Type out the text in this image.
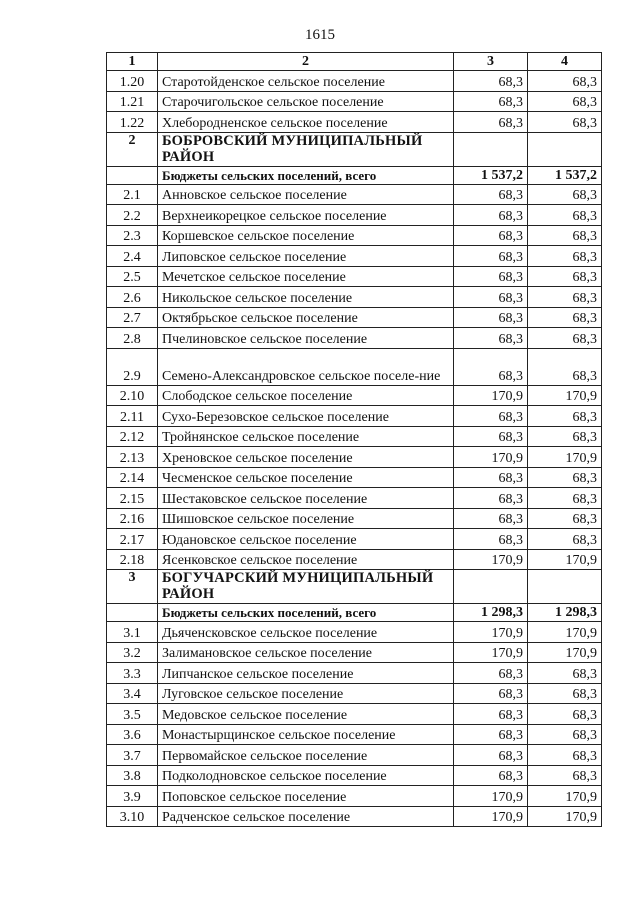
1615
1	2	3	4
1.20	Старотойденское сельское поселение	68,3	68,3
1.21	Старочигольское сельское поселение	68,3	68,3
1.22	Хлебородненское сельское поселение	68,3	68,3
2	БОБРОВСКИЙ МУНИЦИПАЛЬНЫЙ РАЙОН		
	Бюджеты сельских поселений, всего	1 537,2	1 537,2
2.1	Анновское сельское поселение	68,3	68,3
2.2	Верхнеикорецкое сельское поселение	68,3	68,3
2.3	Коршевское сельское поселение	68,3	68,3
2.4	Липовское сельское поселение	68,3	68,3
2.5	Мечетское сельское поселение	68,3	68,3
2.6	Никольское сельское поселение	68,3	68,3
2.7	Октябрьское сельское поселение	68,3	68,3
2.8	Пчелиновское сельское поселение	68,3	68,3
2.9	Семено-Александровское сельское поселе-ние	68,3	68,3
2.10	Слободское сельское поселение	170,9	170,9
2.11	Сухо-Березовское сельское поселение	68,3	68,3
2.12	Тройнянское сельское поселение	68,3	68,3
2.13	Хреновское сельское поселение	170,9	170,9
2.14	Чесменское сельское поселение	68,3	68,3
2.15	Шестаковское сельское поселение	68,3	68,3
2.16	Шишовское сельское поселение	68,3	68,3
2.17	Юдановское сельское поселение	68,3	68,3
2.18	Ясенковское сельское поселение	170,9	170,9
3	БОГУЧАРСКИЙ МУНИЦИПАЛЬНЫЙ РАЙОН		
	Бюджеты сельских поселений, всего	1 298,3	1 298,3
3.1	Дьяченсковское сельское поселение	170,9	170,9
3.2	Залимановское сельское поселение	170,9	170,9
3.3	Липчанское сельское поселение	68,3	68,3
3.4	Луговское сельское поселение	68,3	68,3
3.5	Медовское сельское поселение	68,3	68,3
3.6	Монастырщинское сельское поселение	68,3	68,3
3.7	Первомайское сельское поселение	68,3	68,3
3.8	Подколодновское сельское поселение	68,3	68,3
3.9	Поповское сельское поселение	170,9	170,9
3.10	Радченское сельское поселение	170,9	170,9
